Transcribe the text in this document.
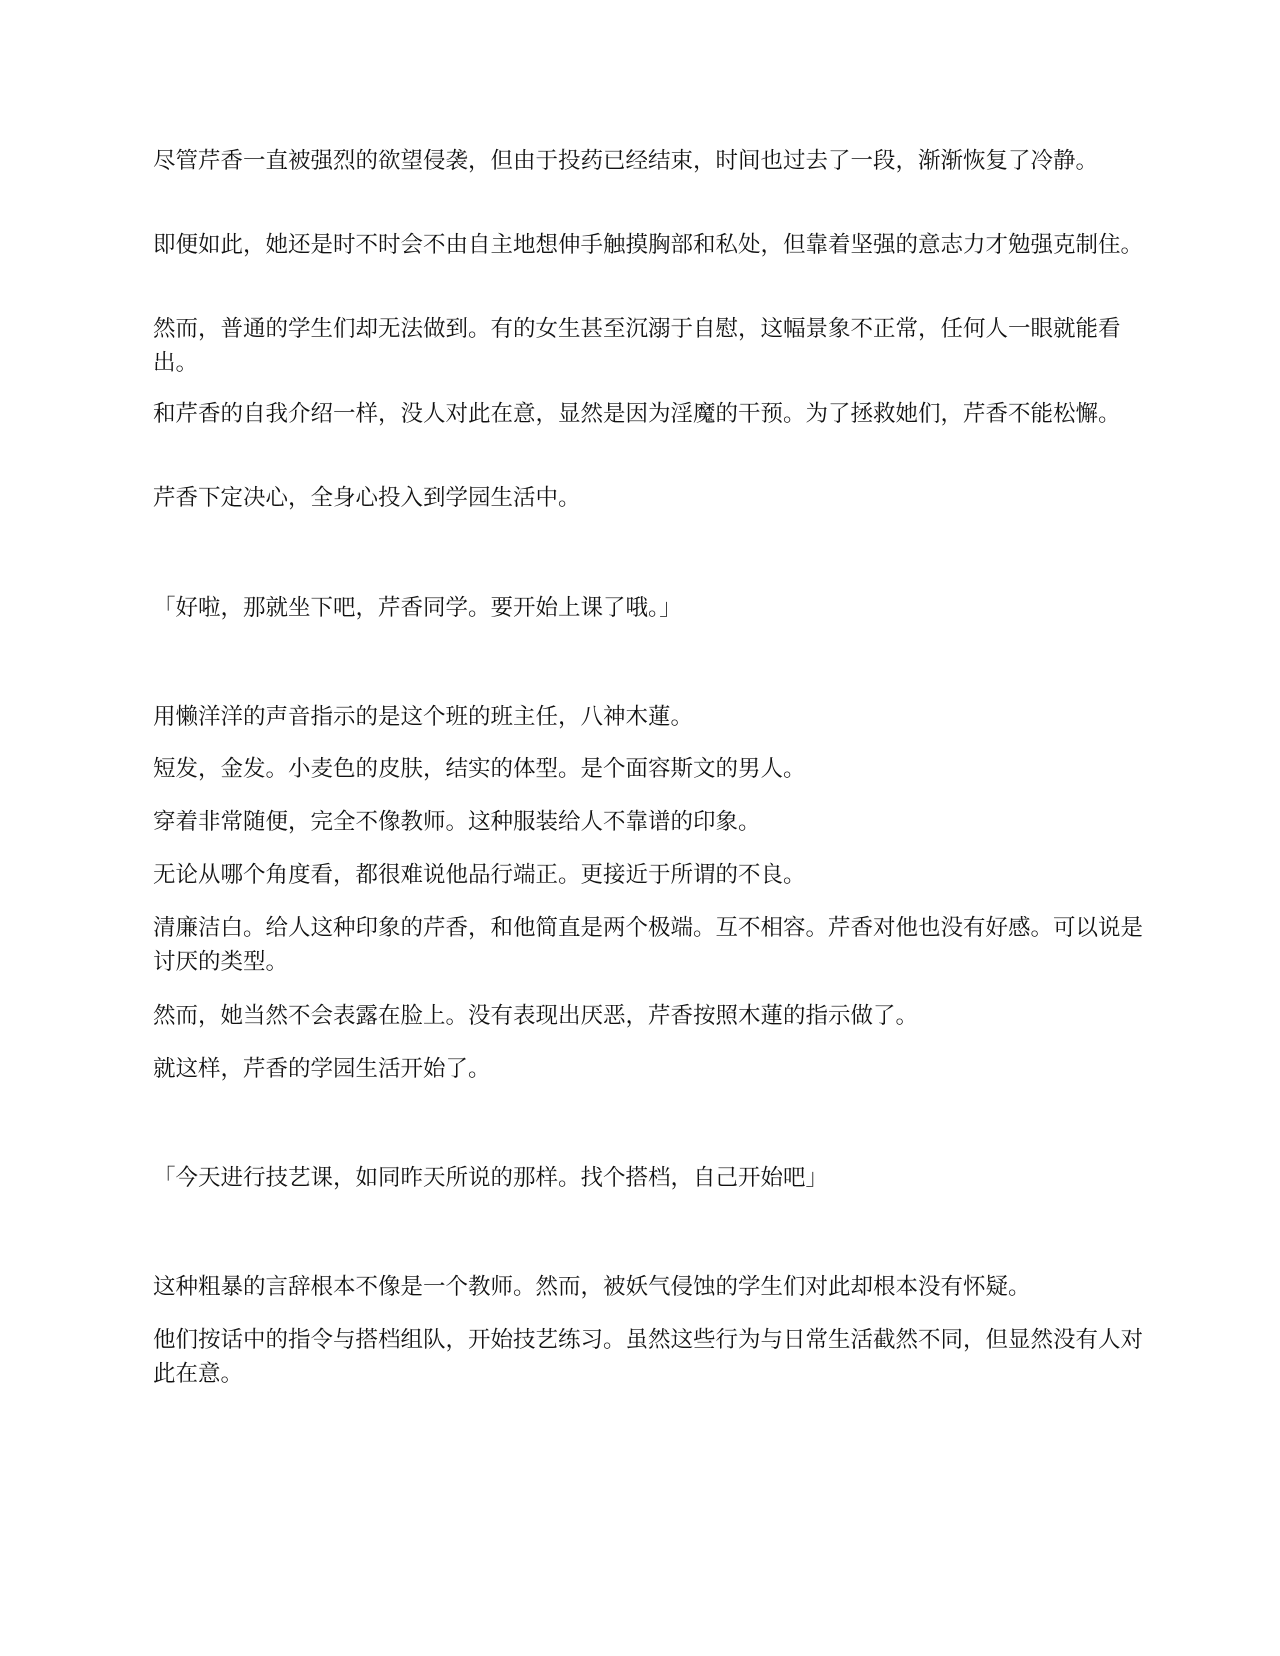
尽管芹香一直被强烈的欲望侵袭，但由于投药已经结束，时间也过去了一段，渐渐恢复了冷静。

即便如此，她还是时不时会不由自主地想伸手触摸胸部和私处，但靠着坚强的意志力才勉强克制住。

然而，普通的学生们却无法做到。有的女生甚至沉溺于自慰，这幅景象不正常，任何人一眼就能看出。

和芹香的自我介绍一样，没人对此在意，显然是因为淫魔的干预。为了拯救她们，芹香不能松懈。

芹香下定决心，全身心投入到学园生活中。

「好啦，那就坐下吧，芹香同学。要开始上课了哦。」

用懒洋洋的声音指示的是这个班的班主任，八神木蓮。

短发，金发。小麦色的皮肤，结实的体型。是个面容斯文的男人。

穿着非常随便，完全不像教师。这种服装给人不靠谱的印象。

无论从哪个角度看，都很难说他品行端正。更接近于所谓的不良。

清廉洁白。给人这种印象的芹香，和他简直是两个极端。互不相容。芹香对他也没有好感。可以说是讨厌的类型。

然而，她当然不会表露在脸上。没有表现出厌恶，芹香按照木蓮的指示做了。

就这样，芹香的学园生活开始了。

「今天进行技艺课，如同昨天所说的那样。找个搭档，自己开始吧」

这种粗暴的言辞根本不像是一个教师。然而，被妖气侵蚀的学生们对此却根本没有怀疑。

他们按话中的指令与搭档组队，开始技艺练习。虽然这些行为与日常生活截然不同，但显然没有人对此在意。
